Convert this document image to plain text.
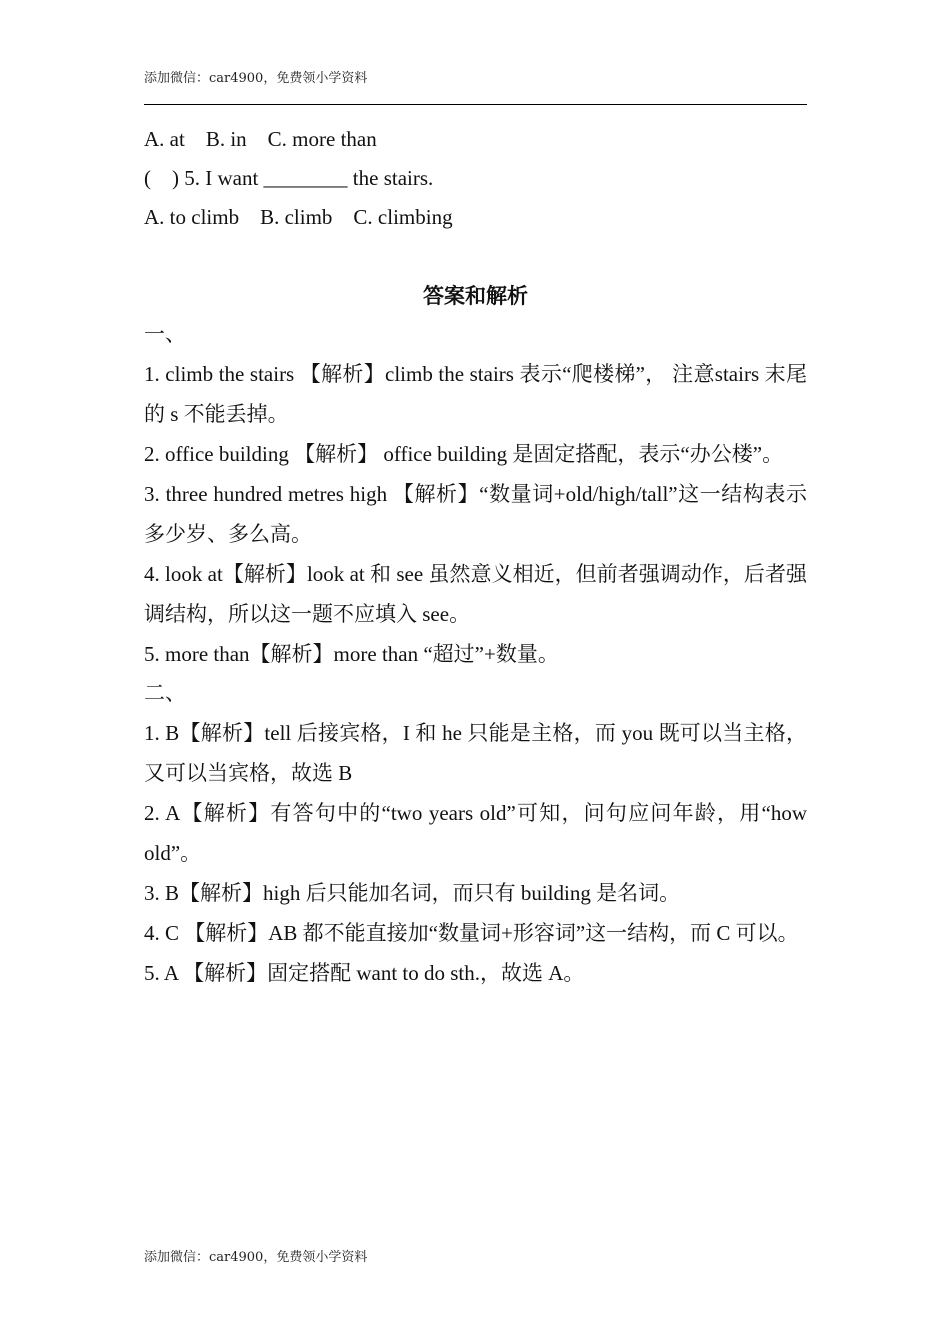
添加微信：car4900，免费领小学资料
A. at    B. in    C. more than
(    ) 5. I want ________ the stairs.
A. to climb    B. climb    C. climbing
答案和解析
一、

1. climb the stairs 【解析】climb the stairs 表示“爬楼梯”， 注意stairs 末尾的 s 不能丢掉。

2. office building 【解析】 office building 是固定搭配，表示“办公楼”。

3. three hundred metres high 【解析】“数量词+old/high/tall”这一结构表示多少岁、多么高。

4. look at【解析】look at 和 see 虽然意义相近，但前者强调动作，后者强调结构，所以这一题不应填入 see。

5. more than【解析】more than “超过”+数量。

二、

1. B【解析】tell 后接宾格，I 和 he 只能是主格，而 you 既可以当主格，又可以当宾格，故选 B

2. A【解析】有答句中的“two years old”可知，问句应问年龄，用“how old”。

3. B【解析】high 后只能加名词，而只有 building 是名词。

4. C 【解析】AB 都不能直接加“数量词+形容词”这一结构，而 C 可以。

5. A 【解析】固定搭配 want to do sth.，故选 A。

添加微信：car4900，免费领小学资料
